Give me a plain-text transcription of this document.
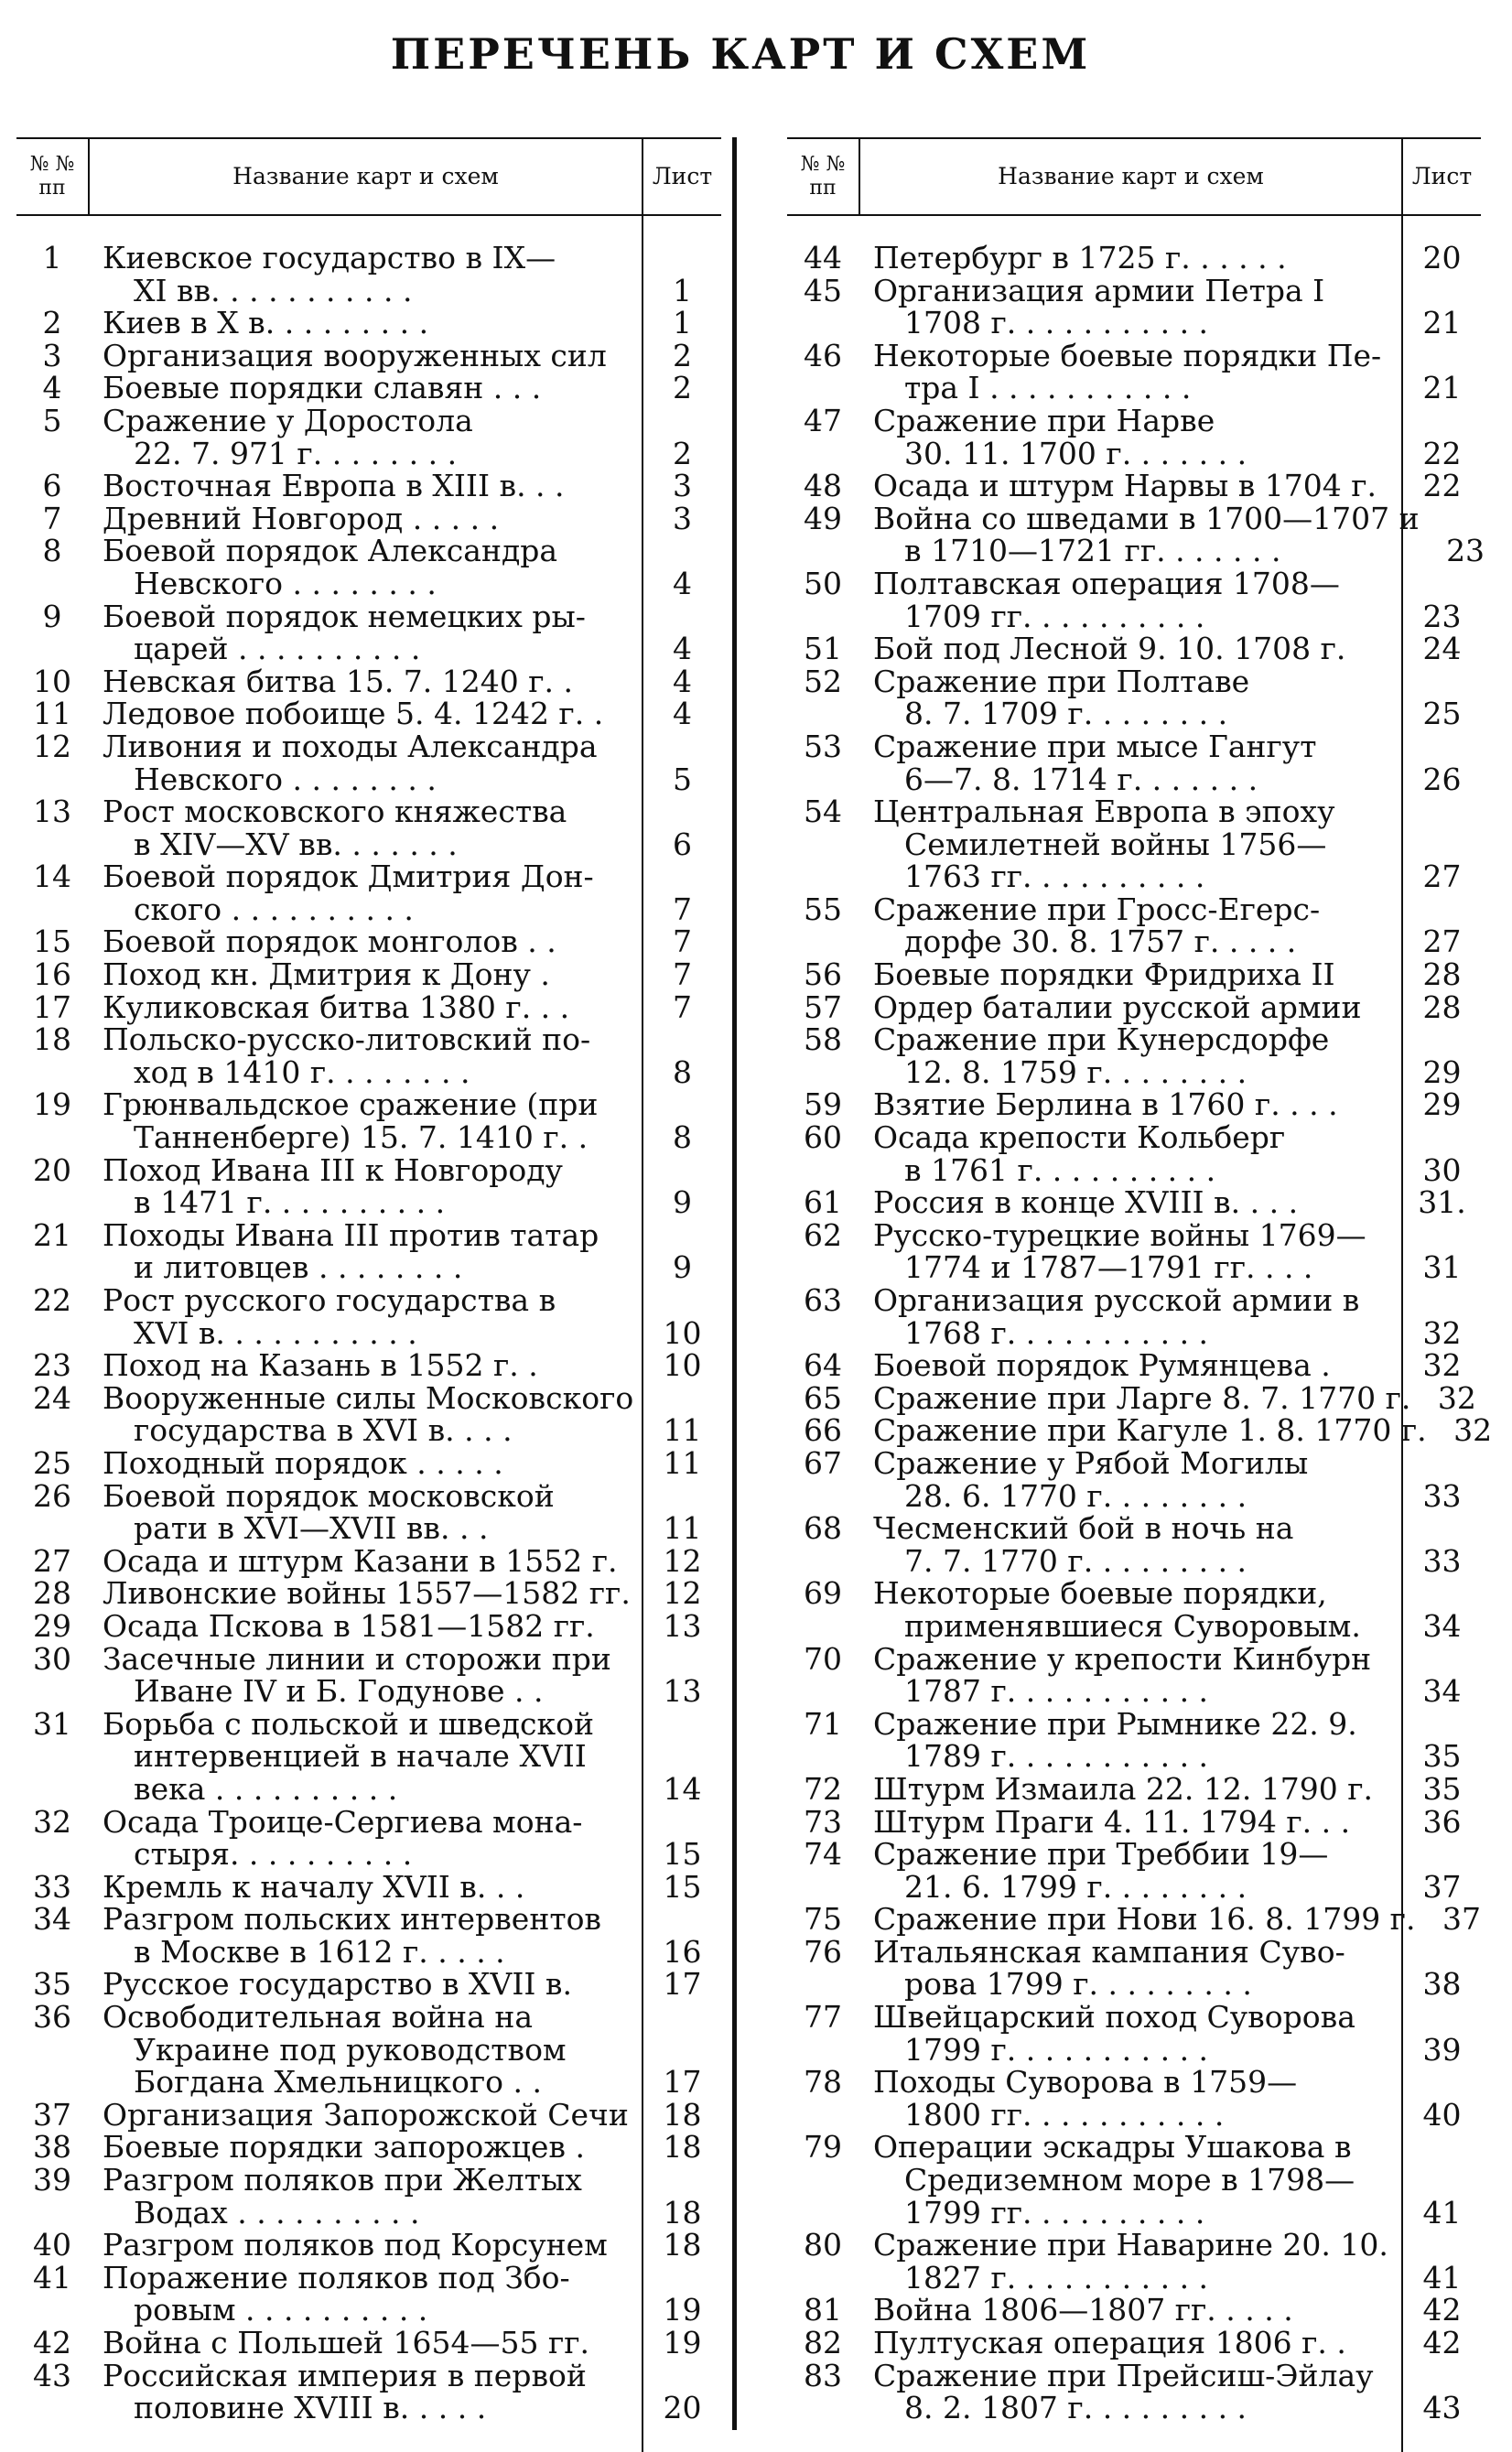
ПЕРЕЧЕНЬ КАРТ И СХЕМ
№ №
пп	Название карт и схем	Лист
1	Киевское государство в IX—
XI вв. . . . . . . . . . .	1
2	Киев в X в. . . . . . . . .	1
3	Организация вооруженных сил	2
4	Боевые порядки славян . . .	2
5	Сражение у Доростола
22. 7. 971 г. . . . . . . .	2
6	Восточная Европа в XIII в. . .	3
7	Древний Новгород . . . . .	3
8	Боевой порядок Александра
Невского . . . . . . . .	4
9	Боевой порядок немецких ры-
царей . . . . . . . . . .	4
10	Невская битва 15. 7. 1240 г. .	4
11	Ледовое побоище 5. 4. 1242 г. .	4
12	Ливония и походы Александра
Невского . . . . . . . .	5
13	Рост московского княжества
в XIV—XV вв. . . . . . .	6
14	Боевой порядок Дмитрия Дон-
ского . . . . . . . . . .	7
15	Боевой порядок монголов . .	7
16	Поход кн. Дмитрия к Дону .	7
17	Куликовская битва 1380 г. . .	7
18	Польско-русско-литовский по-
ход в 1410 г. . . . . . . .	8
19	Грюнвальдское сражение (при
Танненберге) 15. 7. 1410 г. .	8
20	Поход Ивана III к Новгороду
в 1471 г. . . . . . . . . .	9
21	Походы Ивана III против татар
и литовцев . . . . . . . .	9
22	Рост русского государства в
XVI в. . . . . . . . . . .	10
23	Поход на Казань в 1552 г. .	10
24	Вооруженные силы Московского
государства в XVI в. . . .	11
25	Походный порядок . . . . .	11
26	Боевой порядок московской
рати в XVI—XVII вв. . .	11
27	Осада и штурм Казани в 1552 г.	12
28	Ливонские войны 1557—1582 гг.	12
29	Осада Пскова в 1581—1582 гг.	13
30	Засечные линии и сторожи при
Иване IV и Б. Годунове . .	13
31	Борьба с польской и шведской
интервенцией в начале XVII
века . . . . . . . . . .	14
32	Осада Троице-Сергиева мона-
стыря. . . . . . . . . .	15
33	Кремль к началу XVII в. . .	15
34	Разгром польских интервентов
в Москве в 1612 г. . . . .	16
35	Русское государство в XVII в.	17
36	Освободительная война на
Украине под руководством
Богдана Хмельницкого . .	17
37	Организация Запорожской Сечи	18
38	Боевые порядки запорожцев .	18
39	Разгром поляков при Желтых
Водах . . . . . . . . . .	18
40	Разгром поляков под Корсунем	18
41	Поражение поляков под Збо-
ровым . . . . . . . . . .	19
42	Война с Польшей 1654—55 гг.	19
43	Российская империя в первой
половине XVIII в. . . . .	20
№ №
пп	Название карт и схем	Лист
44	Петербург в 1725 г. . . . . .	20
45	Организация армии Петра I
1708 г. . . . . . . . . . .	21
46	Некоторые боевые порядки Пе-
тра I . . . . . . . . . . .	21
47	Сражение при Нарве
30. 11. 1700 г. . . . . . .	22
48	Осада и штурм Нарвы в 1704 г.	22
49	Война со шведами в 1700—1707 и
в 1710—1721 гг. . . . . . .	23
50	Полтавская операция 1708—
1709 гг. . . . . . . . . .	23
51	Бой под Лесной 9. 10. 1708 г.	24
52	Сражение при Полтаве
8. 7. 1709 г. . . . . . . .	25
53	Сражение при мысе Гангут
6—7. 8. 1714 г. . . . . . .	26
54	Центральная Европа в эпоху
Семилетней войны 1756—
1763 гг. . . . . . . . . .	27
55	Сражение при Гросс-Егерс-
дорфе 30. 8. 1757 г. . . . .	27
56	Боевые порядки Фридриха II	28
57	Ордер баталии русской армии	28
58	Сражение при Кунерсдорфе
12. 8. 1759 г. . . . . . . .	29
59	Взятие Берлина в 1760 г. . . .	29
60	Осада крепости Кольберг
в 1761 г. . . . . . . . . .	30
61	Россия в конце XVIII в. . . .	31.
62	Русско-турецкие войны 1769—
1774 и 1787—1791 гг. . . .	31
63	Организация русской армии в
1768 г. . . . . . . . . . .	32
64	Боевой порядок Румянцева .	32
65	Сражение при Ларге 8. 7. 1770 г. 32
66	Сражение при Кагуле 1. 8. 1770 г. 32
67	Сражение у Рябой Могилы
28. 6. 1770 г. . . . . . . .	33
68	Чесменский бой в ночь на
7. 7. 1770 г. . . . . . . . .	33
69	Некоторые боевые порядки,
применявшиеся Суворовым.	34
70	Сражение у крепости Кинбурн
1787 г. . . . . . . . . . .	34
71	Сражение при Рымнике 22. 9.
1789 г. . . . . . . . . . .	35
72	Штурм Измаила 22. 12. 1790 г.	35
73	Штурм Праги 4. 11. 1794 г. . .	36
74	Сражение при Треббии 19—
21. 6. 1799 г. . . . . . . .	37
75	Сражение при Нови 16. 8. 1799 г. 37
76	Итальянская кампания Суво-
рова 1799 г. . . . . . . . .	38
77	Швейцарский поход Суворова
1799 г. . . . . . . . . . .	39
78	Походы Суворова в 1759—
1800 гг. . . . . . . . . . .	40
79	Операции эскадры Ушакова в
Средиземном море в 1798—
1799 гг. . . . . . . . . .	41
80	Сражение при Наварине 20. 10.
1827 г. . . . . . . . . . .	41
81	Война 1806—1807 гг. . . . .	42
82	Пултуская операция 1806 г. .	42
83	Сражение при Прейсиш-Эйлау
8. 2. 1807 г. . . . . . . . .	43
